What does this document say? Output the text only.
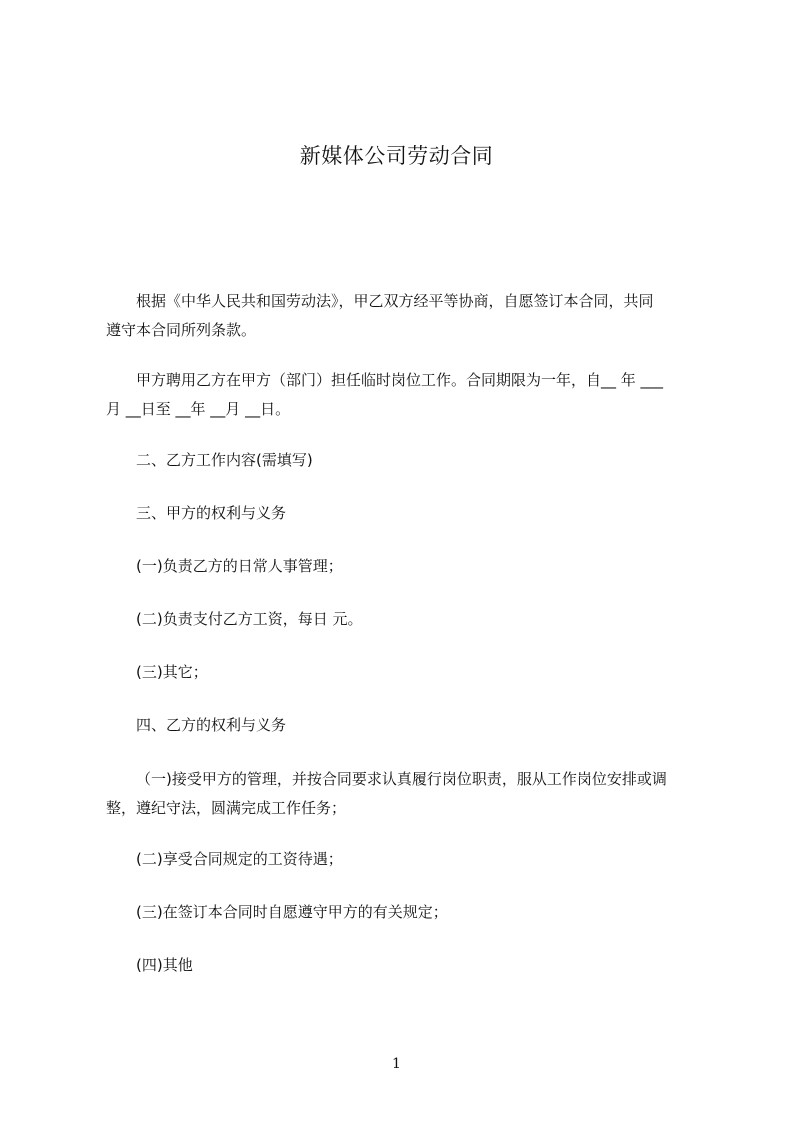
新媒体公司劳动合同
根据《中华人民共和国劳动法》，甲乙双方经平等协商，自愿签订本合同，共同
遵守本合同所列条款。
甲方聘用乙方在甲方（部门）担任临时岗位工作。合同期限为一年，自__ 年 ___
月 __日至 __年 __月 __日。
二、乙方工作内容(需填写)
三、甲方的权利与义务
(一)负责乙方的日常人事管理；
(二)负责支付乙方工资，每日 元。
(三)其它；
四、乙方的权利与义务
（一)接受甲方的管理，并按合同要求认真履行岗位职责，服从工作岗位安排或调
整，遵纪守法，圆满完成工作任务；
(二)享受合同规定的工资待遇；
(三)在签订本合同时自愿遵守甲方的有关规定；
(四)其他
1
